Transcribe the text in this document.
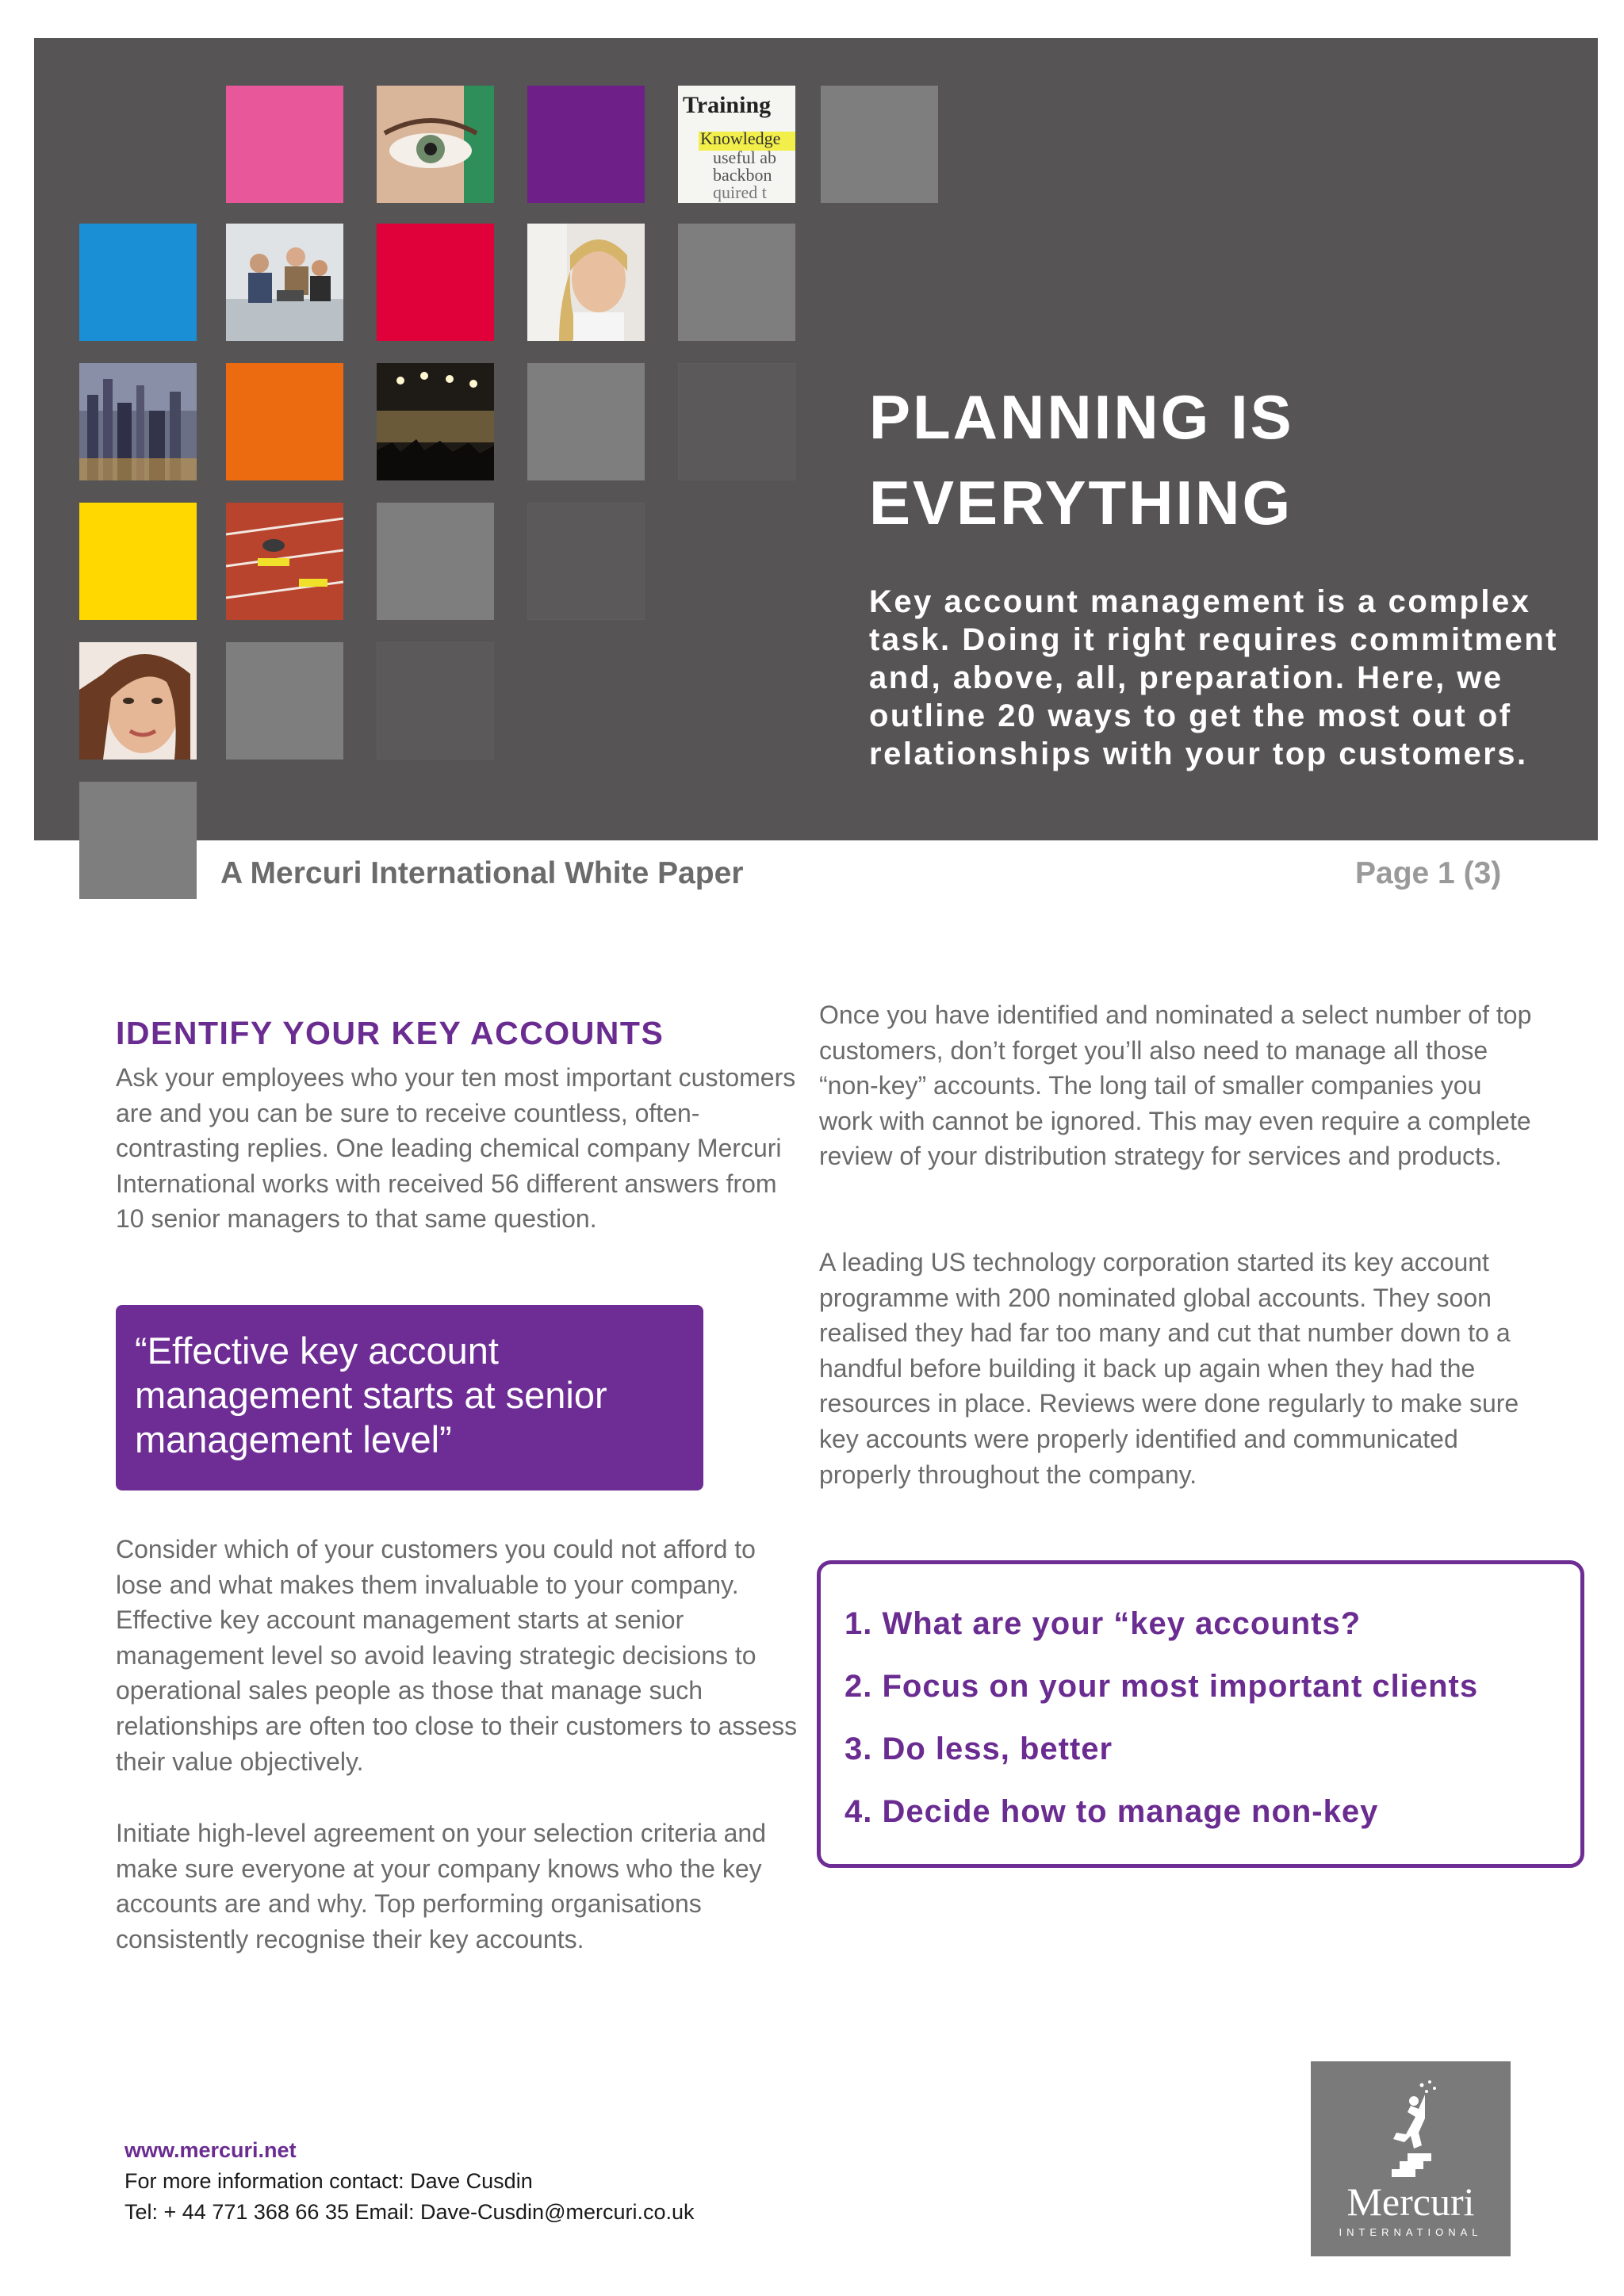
Training
Knowledge
useful ab
backbon
quired t
PLANNING IS
EVERYTHING
Key account management is a complex task. Doing it right requires commitment and, above, all, preparation. Here, we outline 20 ways to get the most out of relationships with your top customers.
A Mercuri International White Paper	Page 1 (3)
IDENTIFY YOUR KEY ACCOUNTS
Ask your employees who your ten most important customers are and you can be sure to receive countless, often-contrasting replies. One leading chemical company Mercuri International works with received 56 different answers from 10 senior managers to that same question.
“Effective key account management starts at senior management level”
Consider which of your customers you could not afford to lose and what makes them invaluable to your company. Effective key account management starts at senior management level so avoid leaving strategic decisions to operational sales people as those that manage such relationships are often too close to their customers to assess their value objectively.
Initiate high-level agreement on your selection criteria and make sure everyone at your company knows who the key accounts are and why. Top performing organisations consistently recognise their key accounts.
Once you have identified and nominated a select number of top customers, don’t forget you’ll also need to manage all those “non-key” accounts. The long tail of smaller companies you work with cannot be ignored. This may even require a complete review of your distribution strategy for services and products.
A leading US technology corporation started its key account programme with 200 nominated global accounts. They soon realised they had far too many and cut that number down to a handful before building it back up again when they had the resources in place. Reviews were done regularly to make sure key accounts were properly identified and communicated properly throughout the company.
1. What are your “key accounts?
2. Focus on your most important clients
3. Do less, better
4. Decide how to manage non-key
www.mercuri.net
For more information contact: Dave Cusdin
Tel: + 44 771 368 66 35 Email: Dave-Cusdin@mercuri.co.uk	Mercuri
INTERNATIONAL
